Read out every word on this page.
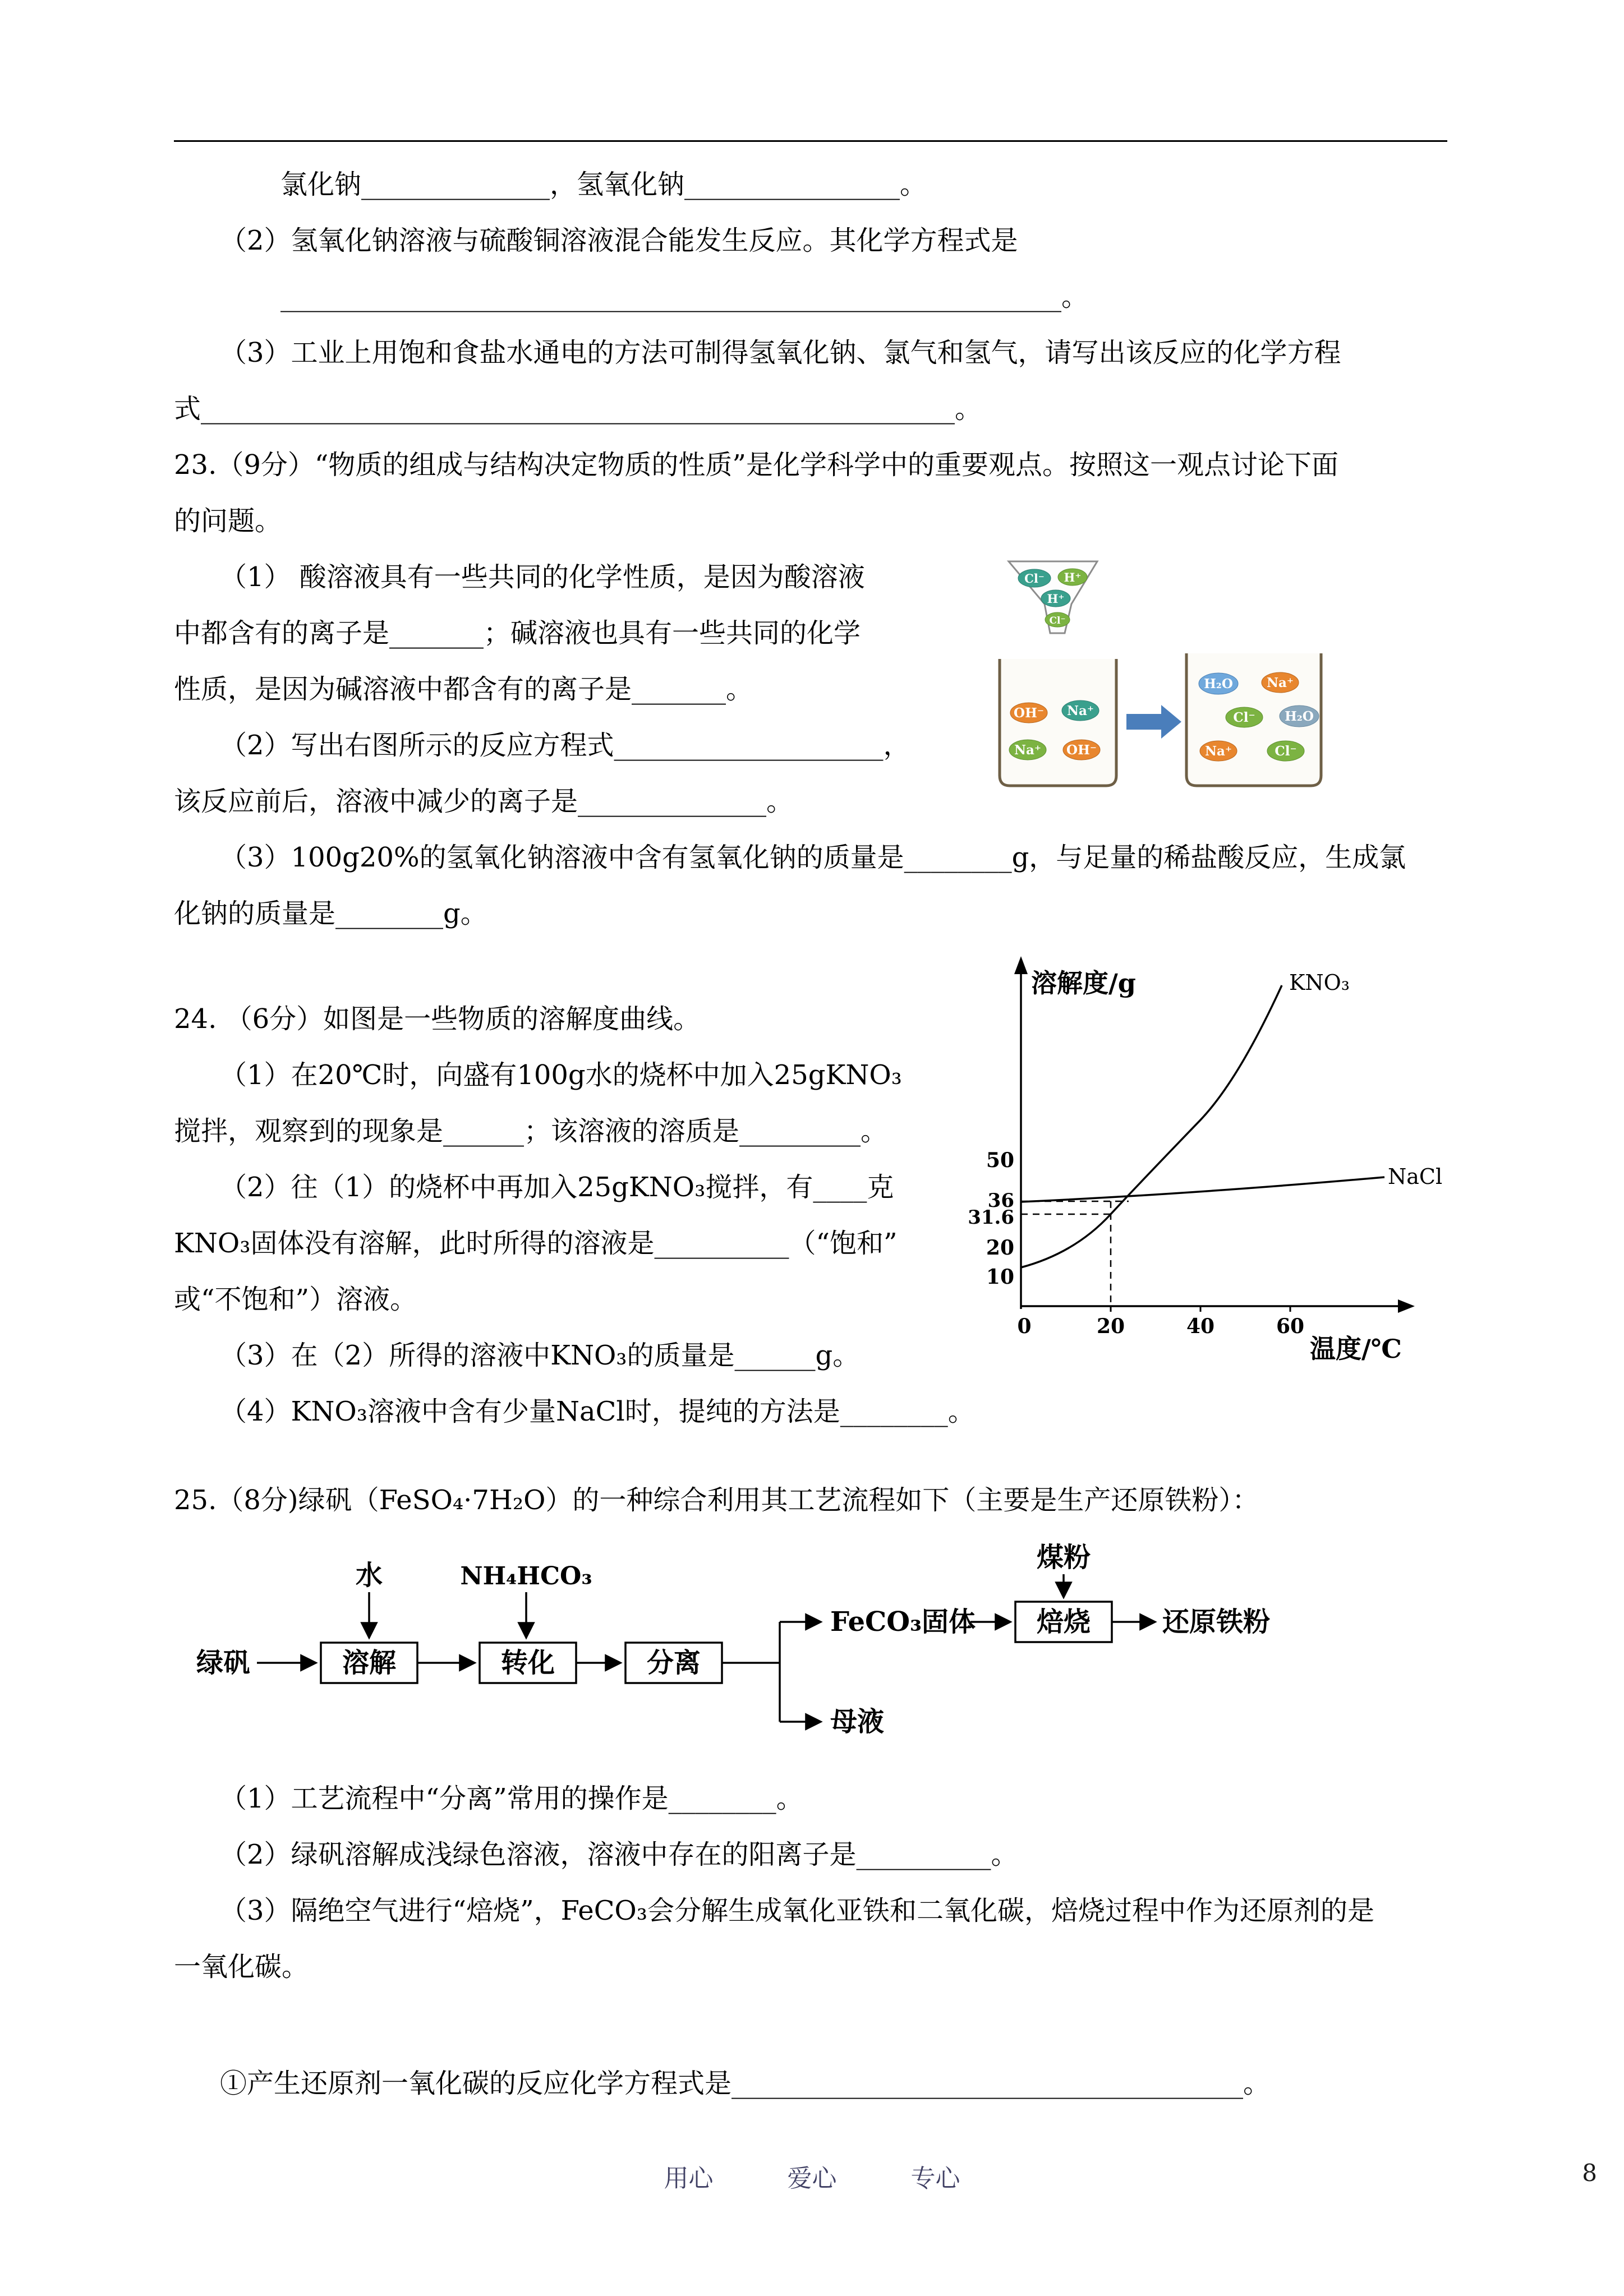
氯化钠______________，氢氧化钠________________。
（2）氢氧化钠溶液与硫酸铜溶液混合能发生反应。其化学方程式是
__________________________________________________________。
（3）工业上用饱和食盐水通电的方法可制得氢氧化钠、氯气和氢气，请写出该反应的化学方程
式________________________________________________________。
23.（9分）“物质的组成与结构决定物质的性质”是化学科学中的重要观点。按照这一观点讨论下面
的问题。
Cl⁻ H⁺
H⁺
Cl⁻
OH⁻ Na⁺
Na⁺ OH⁻
H₂O	Na⁺
Cl⁻ H₂O
Na⁺	Cl⁻
（1） 酸溶液具有一些共同的化学性质，是因为酸溶液
中都含有的离子是_______；碱溶液也具有一些共同的化学
性质，是因为碱溶液中都含有的离子是_______。
（2）写出右图所示的反应方程式____________________，
该反应前后，溶液中减少的离子是______________。
（3）100g20%的氢氧化钠溶液中含有氢氧化钠的质量是________g，与足量的稀盐酸反应，生成氯
化钠的质量是________g。
溶解度/g
温度/℃
50
36
31.6
20
10
0	20	40	60
KNO₃
NaCl
24. （6分）如图是一些物质的溶解度曲线。
（1）在20℃时，向盛有100g水的烧杯中加入25gKNO₃
搅拌，观察到的现象是______；该溶液的溶质是_________。
（2）往（1）的烧杯中再加入25gKNO₃搅拌，有____克
KNO₃固体没有溶解，此时所得的溶液是__________（“饱和”
或“不饱和”）溶液。
（3）在（2）所得的溶液中KNO₃的质量是______g。
（4）KNO₃溶液中含有少量NaCl时，提纯的方法是________。
25.（8分)绿矾（FeSO₄·7H₂O）的一种综合利用其工艺流程如下（主要是生产还原铁粉）：
水	NH₄HCO₃
煤粉
绿矾	溶解	转化	分离
FeCO₃固体 焙烧	还原铁粉
母液
（1）工艺流程中“分离”常用的操作是________。
（2）绿矾溶解成浅绿色溶液，溶液中存在的阳离子是__________。
（3）隔绝空气进行“焙烧”，FeCO₃会分解生成氧化亚铁和二氧化碳，焙烧过程中作为还原剂的是
一氧化碳。
①产生还原剂一氧化碳的反应化学方程式是______________________________________。
用心　　　爱心　　　专心	8
